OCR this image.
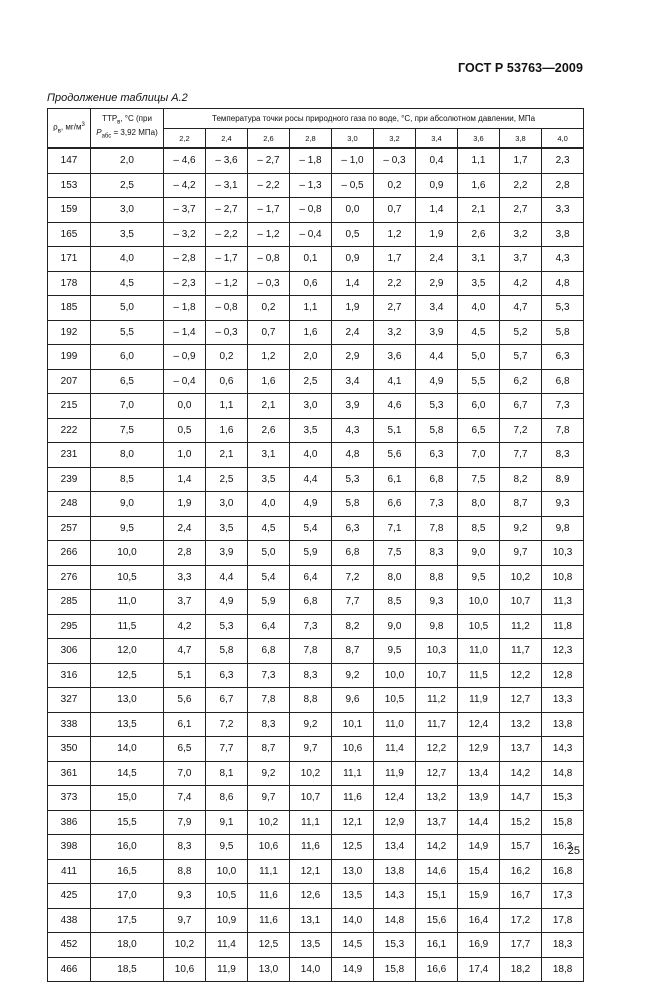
ГОСТ Р 53763—2009
Продолжение таблицы А.2
$\rho_в$, $мг/м^3$	$ТТР_в$, °С (при
$Р_{абс} = 3,92$ МПа)	Температура точки росы природного газа по воде, °С, при абсолютном давлении, МПа									
		2,2	2,4	2,6	2,8	3,0	3,2	3,4	3,6	3,8	4,0
147	2,0	– 4,6	– 3,6	– 2,7	– 1,8	– 1,0	– 0,3	0,4	1,1	1,7	2,3
153	2,5	– 4,2	– 3,1	– 2,2	– 1,3	– 0,5	0,2	0,9	1,6	2,2	2,8
159	3,0	– 3,7	– 2,7	– 1,7	– 0,8	0,0	0,7	1,4	2,1	2,7	3,3
165	3,5	– 3,2	– 2,2	– 1,2	– 0,4	0,5	1,2	1,9	2,6	3,2	3,8
171	4,0	– 2,8	– 1,7	– 0,8	0,1	0,9	1,7	2,4	3,1	3,7	4,3
178	4,5	– 2,3	– 1,2	– 0,3	0,6	1,4	2,2	2,9	3,5	4,2	4,8
185	5,0	– 1,8	– 0,8	0,2	1,1	1,9	2,7	3,4	4,0	4,7	5,3
192	5,5	– 1,4	– 0,3	0,7	1,6	2,4	3,2	3,9	4,5	5,2	5,8
199	6,0	– 0,9	0,2	1,2	2,0	2,9	3,6	4,4	5,0	5,7	6,3
207	6,5	– 0,4	0,6	1,6	2,5	3,4	4,1	4,9	5,5	6,2	6,8
215	7,0	0,0	1,1	2,1	3,0	3,9	4,6	5,3	6,0	6,7	7,3
222	7,5	0,5	1,6	2,6	3,5	4,3	5,1	5,8	6,5	7,2	7,8
231	8,0	1,0	2,1	3,1	4,0	4,8	5,6	6,3	7,0	7,7	8,3
239	8,5	1,4	2,5	3,5	4,4	5,3	6,1	6,8	7,5	8,2	8,9
248	9,0	1,9	3,0	4,0	4,9	5,8	6,6	7,3	8,0	8,7	9,3
257	9,5	2,4	3,5	4,5	5,4	6,3	7,1	7,8	8,5	9,2	9,8
266	10,0	2,8	3,9	5,0	5,9	6,8	7,5	8,3	9,0	9,7	10,3
276	10,5	3,3	4,4	5,4	6,4	7,2	8,0	8,8	9,5	10,2	10,8
285	11,0	3,7	4,9	5,9	6,8	7,7	8,5	9,3	10,0	10,7	11,3
295	11,5	4,2	5,3	6,4	7,3	8,2	9,0	9,8	10,5	11,2	11,8
306	12,0	4,7	5,8	6,8	7,8	8,7	9,5	10,3	11,0	11,7	12,3
316	12,5	5,1	6,3	7,3	8,3	9,2	10,0	10,7	11,5	12,2	12,8
327	13,0	5,6	6,7	7,8	8,8	9,6	10,5	11,2	11,9	12,7	13,3
338	13,5	6,1	7,2	8,3	9,2	10,1	11,0	11,7	12,4	13,2	13,8
350	14,0	6,5	7,7	8,7	9,7	10,6	11,4	12,2	12,9	13,7	14,3
361	14,5	7,0	8,1	9,2	10,2	11,1	11,9	12,7	13,4	14,2	14,8
373	15,0	7,4	8,6	9,7	10,7	11,6	12,4	13,2	13,9	14,7	15,3
386	15,5	7,9	9,1	10,2	11,1	12,1	12,9	13,7	14,4	15,2	15,8
398	16,0	8,3	9,5	10,6	11,6	12,5	13,4	14,2	14,9	15,7	16,3
411	16,5	8,8	10,0	11,1	12,1	13,0	13,8	14,6	15,4	16,2	16,8
425	17,0	9,3	10,5	11,6	12,6	13,5	14,3	15,1	15,9	16,7	17,3
438	17,5	9,7	10,9	11,6	13,1	14,0	14,8	15,6	16,4	17,2	17,8
452	18,0	10,2	11,4	12,5	13,5	14,5	15,3	16,1	16,9	17,7	18,3
466	18,5	10,6	11,9	13,0	14,0	14,9	15,8	16,6	17,4	18,2	18,8
25
